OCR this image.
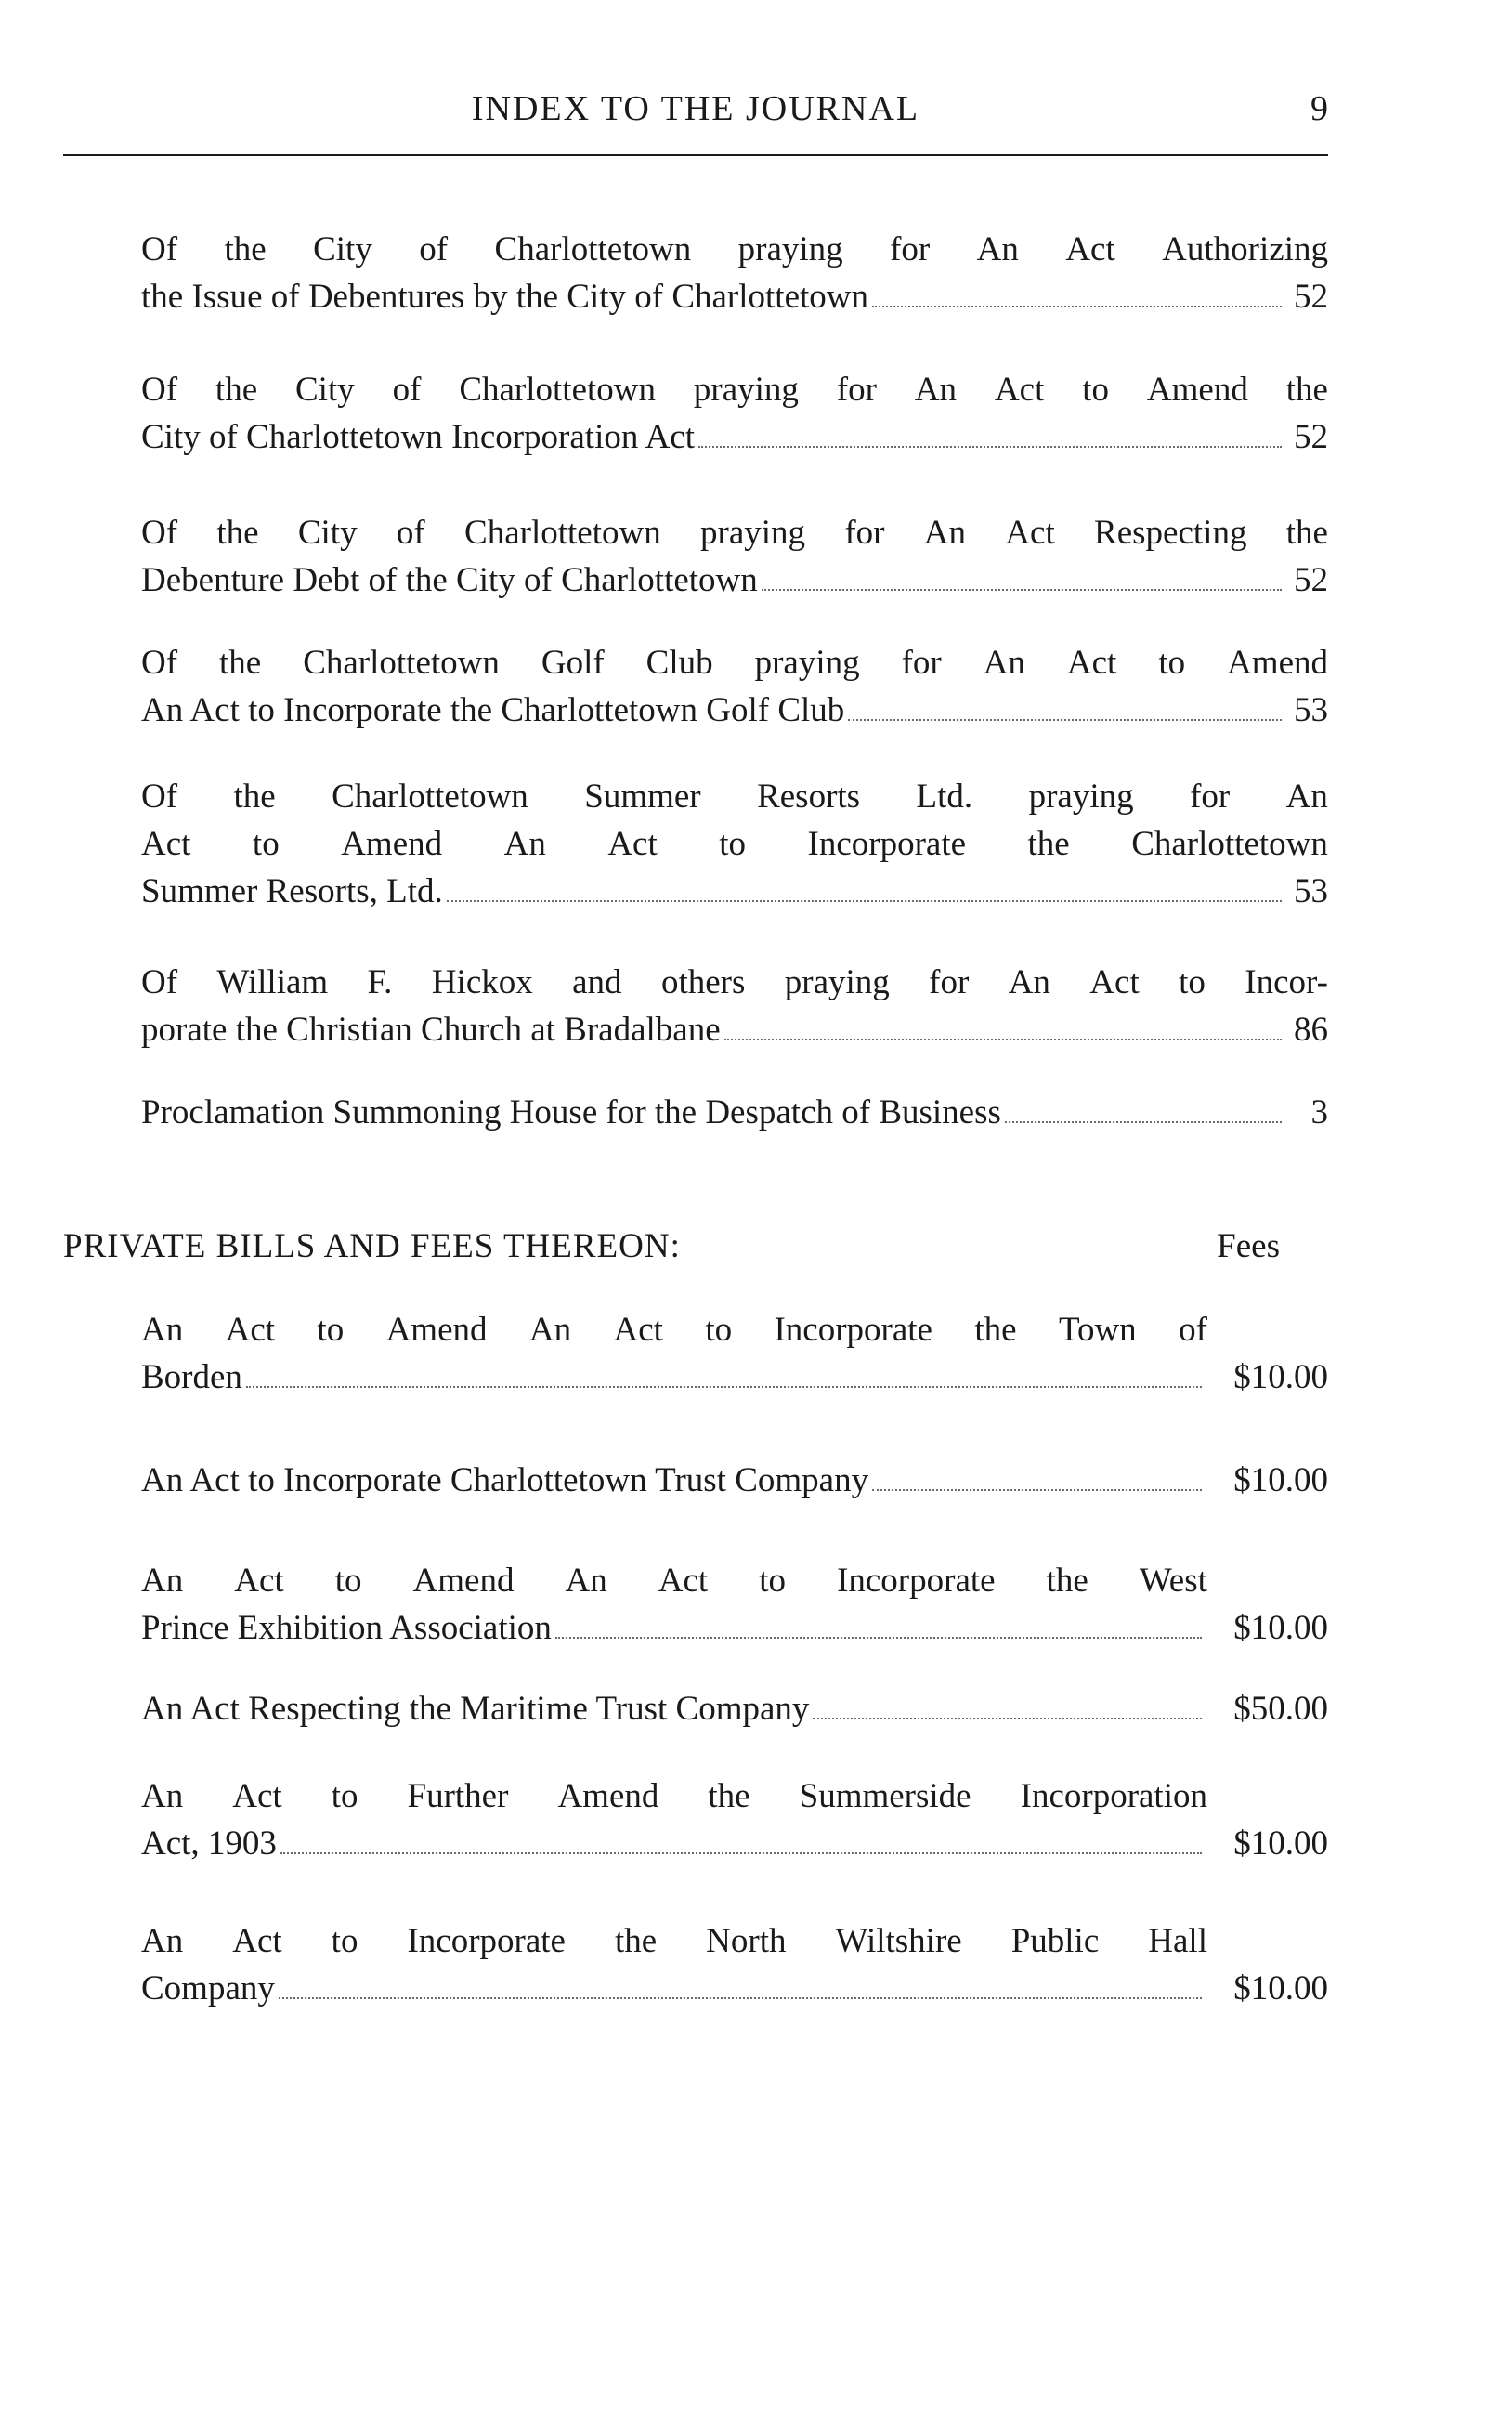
INDEX TO THE JOURNAL	9
Of the City of Charlottetown praying for An Act Authorizing
the Issue of Debentures by the City of Charlottetown	52
Of the City of Charlottetown praying for An Act to Amend the
City of Charlottetown Incorporation Act	52
Of the City of Charlottetown praying for An Act Respecting the
Debenture Debt of the City of Charlottetown	52
Of the Charlottetown Golf Club praying for An Act to Amend
An Act to Incorporate the Charlottetown Golf Club	53
Of the Charlottetown Summer Resorts Ltd. praying for An
Act to Amend An Act to Incorporate the Charlottetown
Summer Resorts, Ltd.	53
Of William F. Hickox and others praying for An Act to Incor-
porate the Christian Church at Bradalbane	86
Proclamation Summoning House for the Despatch of Business	3
PRIVATE BILLS AND FEES THEREON:	Fees
An Act to Amend An Act to Incorporate the Town of
Borden	$10.00
An Act to Incorporate Charlottetown Trust Company	$10.00
An Act to Amend An Act to Incorporate the West
Prince Exhibition Association	$10.00
An Act Respecting the Maritime Trust Company	$50.00
An Act to Further Amend the Summerside Incorporation
Act, 1903	$10.00
An Act to Incorporate the North Wiltshire Public Hall
Company	$10.00
